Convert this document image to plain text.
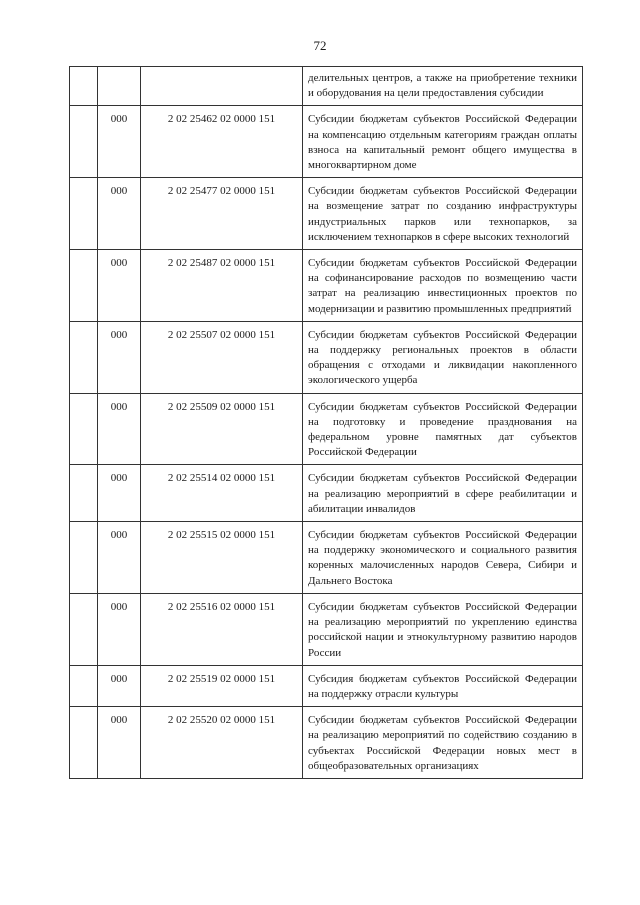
72
			делительных центров, а также на приобретение техники и оборудования на цели предоставления субсидии
	000	2 02 25462 02 0000 151	Субсидии бюджетам субъектов Российской Федерации на компенсацию отдельным категориям граждан оплаты взноса на капитальный ремонт общего имущества в многоквартирном доме
	000	2 02 25477 02 0000 151	Субсидии бюджетам субъектов Российской Федерации на возмещение затрат по созданию инфраструктуры индустриальных парков или технопарков, за исключением технопарков в сфере высоких технологий
	000	2 02 25487 02 0000 151	Субсидии бюджетам субъектов Российской Федерации на софинансирование расходов по возмещению части затрат на реализацию инвестиционных проектов по модернизации и развитию промышленных предприятий
	000	2 02 25507 02 0000 151	Субсидии бюджетам субъектов Российской Федерации на поддержку региональных проектов в области обращения с отходами и ликвидации накопленного экологического ущерба
	000	2 02 25509 02 0000 151	Субсидии бюджетам субъектов Российской Федерации на подготовку и проведение празднования на федеральном уровне памятных дат субъектов Российской Федерации
	000	2 02 25514 02 0000 151	Субсидии бюджетам субъектов Российской Федерации на реализацию мероприятий в сфере реабилитации и абилитации инвалидов
	000	2 02 25515 02 0000 151	Субсидии бюджетам субъектов Российской Федерации на поддержку экономического и социального развития коренных малочисленных народов Севера, Сибири и Дальнего Востока
	000	2 02 25516 02 0000 151	Субсидии бюджетам субъектов Российской Федерации на реализацию мероприятий по укреплению единства российской нации и этнокультурному развитию народов России
	000	2 02 25519 02 0000 151	Субсидия бюджетам субъектов Российской Федерации на поддержку отрасли культуры
	000	2 02 25520 02 0000 151	Субсидии бюджетам субъектов Российской Федерации на реализацию мероприятий по содействию созданию в субъектах Российской Федерации новых мест в общеобразовательных организациях
